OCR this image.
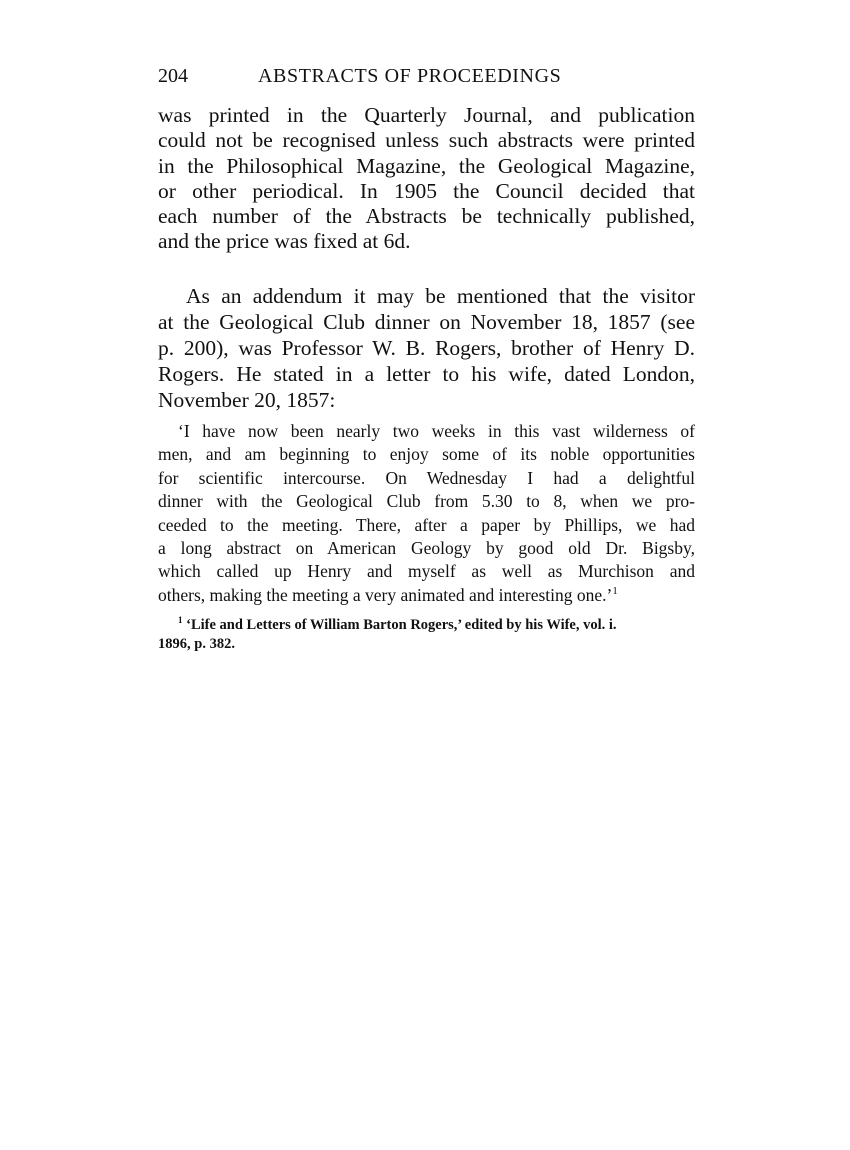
204	ABSTRACTS OF PROCEEDINGS
was printed in the Quarterly Journal, and publication
could not be recognised unless such abstracts were printed
in the Philosophical Magazine, the Geological Magazine,
or other periodical. In 1905 the Council decided that
each number of the Abstracts be technically published,
and the price was fixed at 6d.
As an addendum it may be mentioned that the visitor
at the Geological Club dinner on November 18, 1857 (see
p. 200), was Professor W. B. Rogers, brother of Henry D.
Rogers. He stated in a letter to his wife, dated London,
November 20, 1857:
‘I have now been nearly two weeks in this vast wilderness of
men, and am beginning to enjoy some of its noble opportunities
for scientific intercourse. On Wednesday I had a delightful
dinner with the Geological Club from 5.30 to 8, when we pro-
ceeded to the meeting. There, after a paper by Phillips, we had
a long abstract on American Geology by good old Dr. Bigsby,
which called up Henry and myself as well as Murchison and
others, making the meeting a very animated and interesting one.’$^1$
$^1$ ‘Life and Letters of William Barton Rogers,’ edited by his Wife, vol. i.
1896, p. 382.
